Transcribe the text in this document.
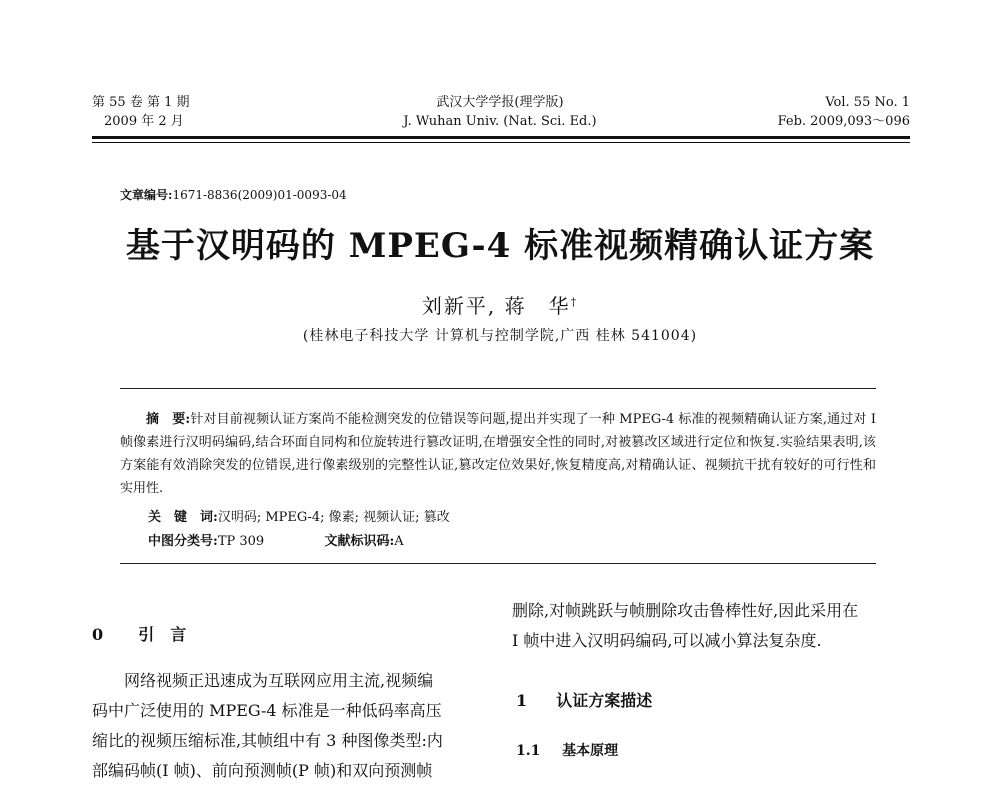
第 55 卷 第 1 期
2009 年 2 月
武汉大学学报(理学版)
J. Wuhan Univ. (Nat. Sci. Ed.)
Vol. 55 No. 1
Feb. 2009,093～096
文章编号:1671-8836(2009)01-0093-04
基于汉明码的 MPEG-4 标准视频精确认证方案
刘新平, 蒋　华†
(桂林电子科技大学 计算机与控制学院,广西 桂林 541004)
摘　要:针对目前视频认证方案尚不能检测突发的位错误等问题,提出并实现了一种 MPEG-4 标准的视频精确认证方案,通过对 I 帧像素进行汉明码编码,结合环面自同构和位旋转进行篡改证明,在增强安全性的同时,对被篡改区域进行定位和恢复.实验结果表明,该方案能有效消除突发的位错误,进行像素级别的完整性认证,篡改定位效果好,恢复精度高,对精确认证、视频抗干扰有较好的可行性和实用性.
关　键　词:汉明码; MPEG-4; 像素; 视频认证; 篡改
中图分类号:TP 309	文献标识码:A
0 引　言
网络视频正迅速成为互联网应用主流,视频编
码中广泛使用的 MPEG-4 标准是一种低码率高压
缩比的视频压缩标准,其帧组中有 3 种图像类型:内
部编码帧(I 帧)、前向预测帧(P 帧)和双向预测帧
删除,对帧跳跃与帧删除攻击鲁棒性好,因此采用在
I 帧中进入汉明码编码,可以减小算法复杂度.
1 认证方案描述
1.1 基本原理
